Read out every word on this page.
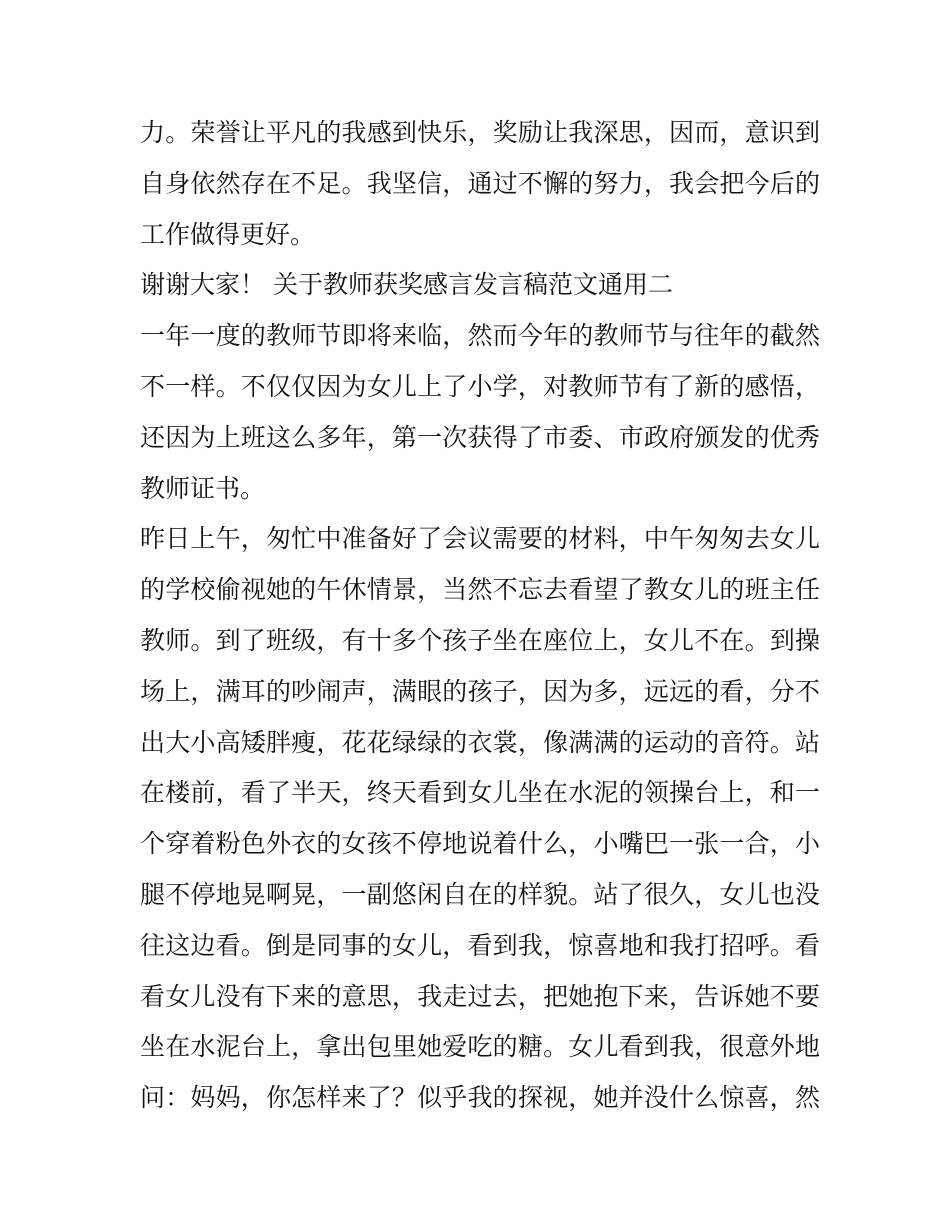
力。荣誉让平凡的我感到快乐，奖励让我深思，因而，意识到
自身依然存在不足。我坚信，通过不懈的努力，我会把今后的
工作做得更好。
谢谢大家！ 关于教师获奖感言发言稿范文通用二
一年一度的教师节即将来临，然而今年的教师节与往年的截然
不一样。不仅仅因为女儿上了小学，对教师节有了新的感悟，
还因为上班这么多年，第一次获得了市委、市政府颁发的优秀
教师证书。
昨日上午，匆忙中准备好了会议需要的材料，中午匆匆去女儿
的学校偷视她的午休情景，当然不忘去看望了教女儿的班主任
教师。到了班级，有十多个孩子坐在座位上，女儿不在。到操
场上，满耳的吵闹声，满眼的孩子，因为多，远远的看，分不
出大小高矮胖瘦，花花绿绿的衣裳，像满满的运动的音符。站
在楼前，看了半天，终天看到女儿坐在水泥的领操台上，和一
个穿着粉色外衣的女孩不停地说着什么，小嘴巴一张一合，小
腿不停地晃啊晃，一副悠闲自在的样貌。站了很久，女儿也没
往这边看。倒是同事的女儿，看到我，惊喜地和我打招呼。看
看女儿没有下来的意思，我走过去，把她抱下来，告诉她不要
坐在水泥台上，拿出包里她爱吃的糖。女儿看到我，很意外地
问：妈妈，你怎样来了？似乎我的探视，她并没什么惊喜，然
